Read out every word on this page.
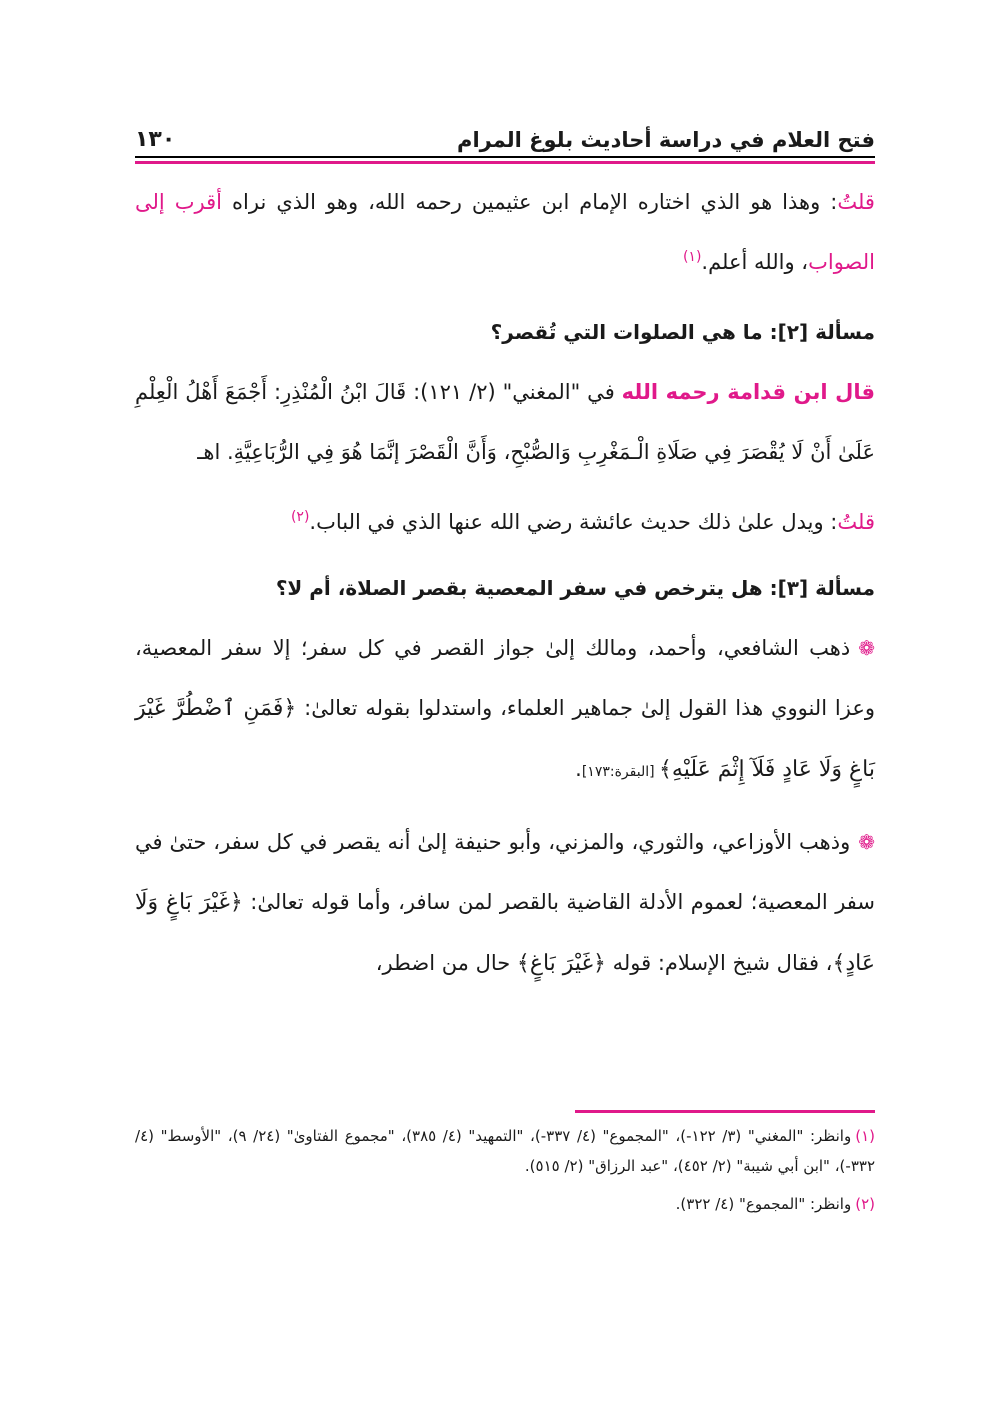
فتح العلام في دراسة أحاديث بلوغ المرام
١٣٠

قلتُ: وهذا هو الذي اختاره الإمام ابن عثيمين رحمه الله، وهو الذي نراه أقرب إلى الصواب، والله أعلم.$^{(١)}$

مسألة [٢]: ما هي الصلوات التي تُقصر؟

قال ابن قدامة رحمه الله في "المغني" (٢/ ١٢١): قَالَ ابْنُ الْمُنْذِرِ: أَجْمَعَ أَهْلُ الْعِلْمِ عَلَىٰ أَنْ لَا يُقْصَرَ فِي صَلَاةِ الْـمَغْرِبِ وَالصُّبْحِ، وَأَنَّ الْقَصْرَ إنَّمَا هُوَ فِي الرُّبَاعِيَّةِ. اهـ

قلتُ: ويدل علىٰ ذلك حديث عائشة رضي الله عنها الذي في الباب.$^{(٢)}$

مسألة [٣]: هل يترخص في سفر المعصية بقصر الصلاة، أم لا؟

❁ذهب الشافعي، وأحمد، ومالك إلىٰ جواز القصر في كل سفر؛ إلا سفر المعصية، وعزا النووي هذا القول إلىٰ جماهير العلماء، واستدلوا بقوله تعالىٰ: ﴿فَمَنِ ٱضْطُرَّ غَيْرَ بَاغٍ وَلَا عَادٍ فَلَآ إِثْمَ عَلَيْهِ﴾ [البقرة:١٧٣].

❁وذهب الأوزاعي، والثوري، والمزني، وأبو حنيفة إلىٰ أنه يقصر في كل سفر، حتىٰ في سفر المعصية؛ لعموم الأدلة القاضية بالقصر لمن سافر، وأما قوله تعالىٰ: ﴿غَيْرَ بَاغٍ وَلَا عَادٍ﴾، فقال شيخ الإسلام: قوله ﴿غَيْرَ بَاغٍ﴾ حال من اضطر،

(١)وانظر: "المغني" (٣/ ١٢٢-)، "المجموع" (٤/ ٣٣٧-)، "التمهيد" (٤/ ٣٨٥)، "مجموع الفتاوىٰ" (٢٤/ ٩)، "الأوسط" (٤/ ٣٣٢-)، "ابن أبي شيبة" (٢/ ٤٥٢)، "عبد الرزاق" (٢/ ٥١٥).
(٢)وانظر: "المجموع" (٤/ ٣٢٢).
